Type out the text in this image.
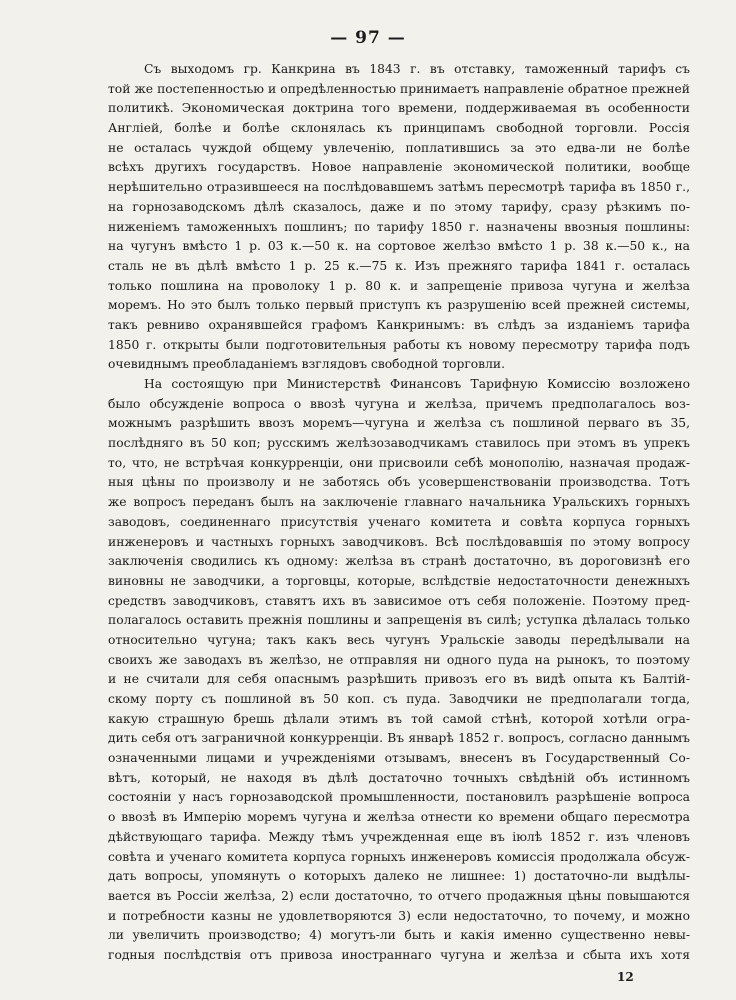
— 97 —
Съ выходомъ гр. Канкрина въ 1843 г. въ отставку, таможенный тарифъ съ
той же постепенностью и опредѣленностью принимаетъ направленіе обратное прежней
политикѣ. Экономическая доктрина того времени, поддерживаемая въ особенности
Англіей, болѣе и болѣе склонялась къ принципамъ свободной торговли. Россія
не осталась чуждой общему увлеченію, поплатившись за это едва-ли не болѣе
всѣхъ другихъ государствъ. Новое направленіе экономической политики, вообще
нерѣшительно отразившееся на послѣдовавшемъ затѣмъ пересмотрѣ тарифа въ 1850 г.,
на горнозаводскомъ дѣлѣ сказалось, даже и по этому тарифу, сразу рѣзкимъ по-
ниженіемъ таможенныхъ пошлинъ; по тарифу 1850 г. назначены ввозныя пошлины:
на чугунъ вмѣсто 1 р. 03 к.—50 к. на сортовое желѣзо вмѣсто 1 р. 38 к.—50 к., на
сталь не въ дѣлѣ вмѣсто 1 р. 25 к.—75 к. Изъ прежняго тарифа 1841 г. осталась
только пошлина на проволоку 1 р. 80 к. и запрещеніе привоза чугуна и желѣза
моремъ. Но это былъ только первый приступъ къ разрушенію всей прежней системы,
такъ ревниво охранявшейся графомъ Канкринымъ: въ слѣдъ за изданіемъ тарифа
1850 г. открыты были подготовительныя работы къ новому пересмотру тарифа подъ
очевиднымъ преобладаніемъ взглядовъ свободной торговли.
На состоящую при Министерствѣ Финансовъ Тарифную Комиссію возложено
было обсужденіе вопроса о ввозѣ чугуна и желѣза, причемъ предполагалось воз-
можнымъ разрѣшить ввозъ моремъ—чугуна и желѣза съ пошлиной перваго въ 35,
послѣдняго въ 50 коп; русскимъ желѣзозаводчикамъ ставилось при этомъ въ упрекъ
то, что, не встрѣчая конкурренціи, они присвоили себѣ монополію, назначая продаж-
ныя цѣны по произволу и не заботясь объ усовершенствованіи производства. Тотъ
же вопросъ переданъ былъ на заключеніе главнаго начальника Уральскихъ горныхъ
заводовъ, соединеннаго присутствія ученаго комитета и совѣта корпуса горныхъ
инженеровъ и частныхъ горныхъ заводчиковъ. Всѣ послѣдовавшія по этому вопросу
заключенія сводились къ одному: желѣза въ странѣ достаточно, въ дороговизнѣ его
виновны не заводчики, а торговцы, которые, вслѣдствіе недостаточности денежныхъ
средствъ заводчиковъ, ставятъ ихъ въ зависимое отъ себя положеніе. Поэтому пред-
полагалось оставить прежнія пошлины и запрещенія въ силѣ; уступка дѣлалась только
относительно чугуна; такъ какъ весь чугунъ Уральскіе заводы передѣлывали на
своихъ же заводахъ въ желѣзо, не отправляя ни одного пуда на рынокъ, то поэтому
и не считали для себя опаснымъ разрѣшить привозъ его въ видѣ опыта къ Балтій-
скому порту съ пошлиной въ 50 коп. съ пуда. Заводчики не предполагали тогда,
какую страшную брешь дѣлали этимъ въ той самой стѣнѣ, которой хотѣли огра-
дить себя отъ заграничной конкурренціи. Въ январѣ 1852 г. вопросъ, согласно даннымъ
означенными лицами и учрежденіями отзывамъ, внесенъ въ Государственный Со-
вѣтъ, который, не находя въ дѣлѣ достаточно точныхъ свѣдѣній объ истинномъ
состояніи у насъ горнозаводской промышленности, постановилъ разрѣшеніе вопроса
о ввозѣ въ Имперію моремъ чугуна и желѣза отнести ко времени общаго пересмотра
дѣйствующаго тарифа. Между тѣмъ учрежденная еще въ іюлѣ 1852 г. изъ членовъ
совѣта и ученаго комитета корпуса горныхъ инженеровъ комиссія продолжала обсуж-
дать вопросы, упомянуть о которыхъ далеко не лишнее: 1) достаточно-ли выдѣлы-
вается въ Россіи желѣза, 2) если достаточно, то отчего продажныя цѣны повышаются
и потребности казны не удовлетворяются 3) если недостаточно, то почему, и можно
ли увеличить производство; 4) могутъ-ли быть и какія именно существенно невы-
годныя послѣдствія отъ привоза иностраннаго чугуна и желѣза и сбыта ихъ хотя
12
